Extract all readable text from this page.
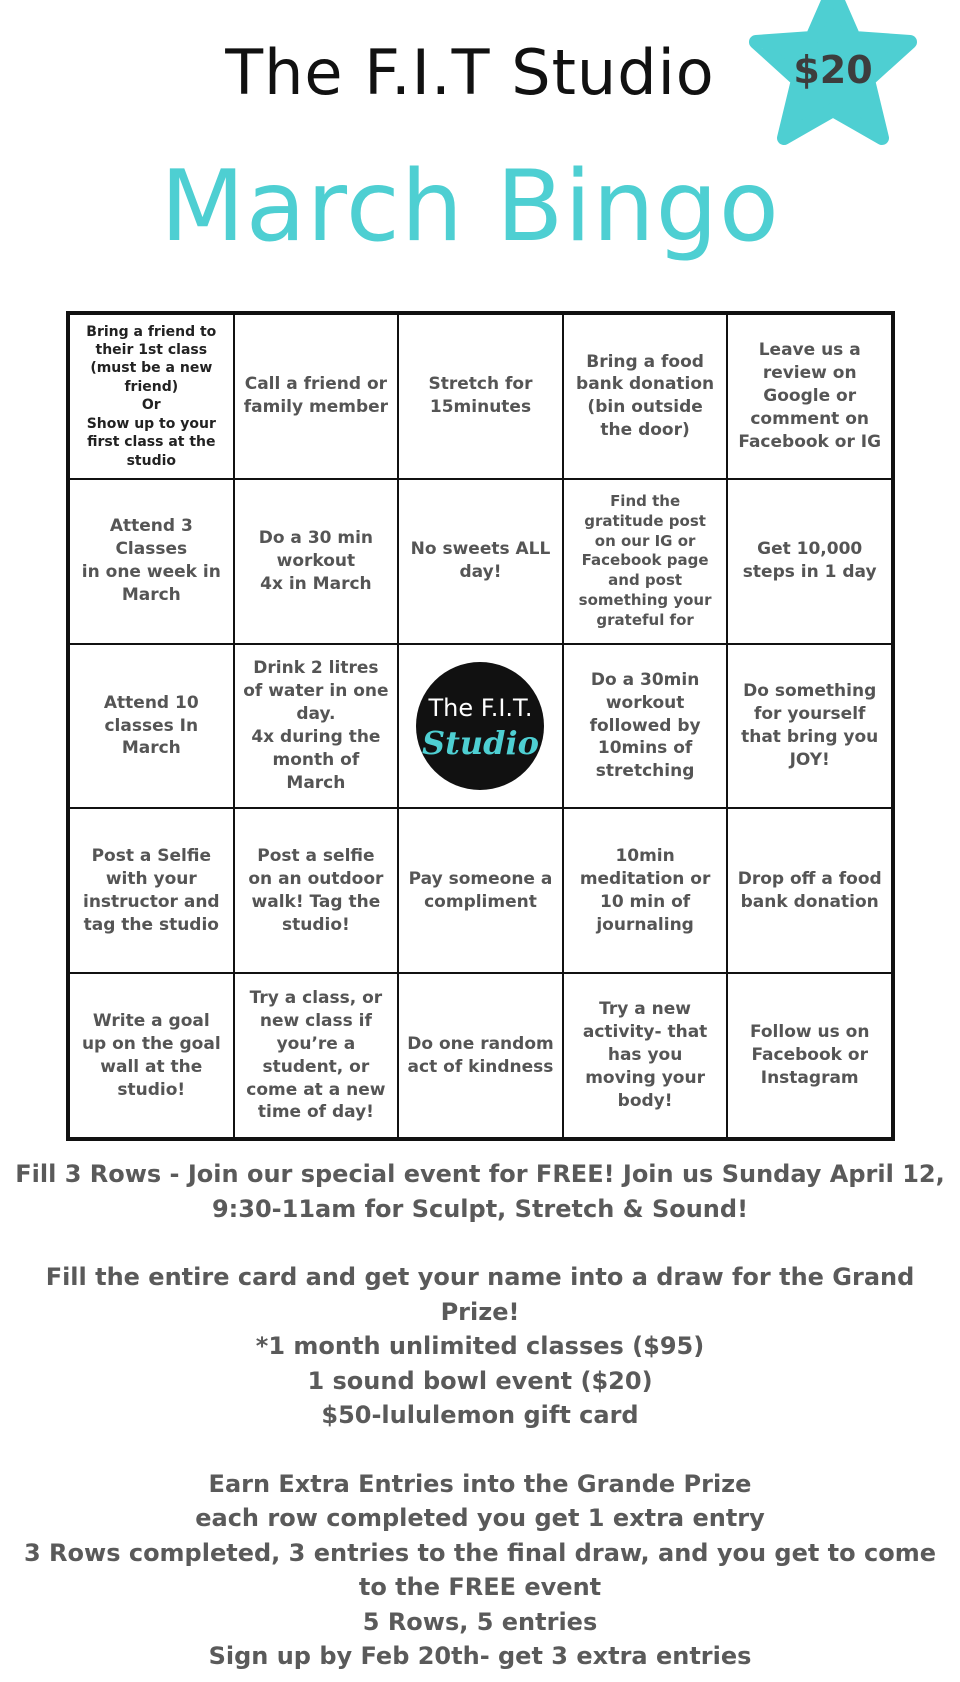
The F.I.T Studio	$20
March Bingo
Bring a friend to their 1st class (must be a new friend)
Or
Show up to your first class at the studio
Call a friend or family member
Stretch for 15minutes
Bring a food bank donation (bin outside the door)
Leave us a review on Google or comment on Facebook or IG
Attend 3 Classes
in one week in March
Do a 30 min workout
4x in March
No sweets ALL day!
Find the gratitude post on our IG or Facebook page and post something your grateful for
Get 10,000 steps in 1 day
Attend 10 classes In March
Drink 2 litres of water in one day.
4x during the month of March

The F.I.T.

Studio

Do a 30min workout followed by 10mins of stretching
Do something for yourself that bring you JOY!
Post a Selfie with your instructor and tag the studio
Post a selfie on an outdoor walk! Tag the studio!
Pay someone a compliment
10min meditation or 10 min of journaling
Drop off a food bank donation
Write a goal up on the goal wall at the studio!
Try a class, or new class if you’re a student, or come at a new time of day!
Do one random act of kindness
Try a new activity- that has you moving your body!
Follow us on Facebook or Instagram

Fill 3 Rows - Join our special event for FREE! Join us Sunday April 12,

9:30-11am for Sculpt, Stretch & Sound!

Fill the entire card and get your name into a draw for the Grand

Prize!

*1 month unlimited classes ($95)

1 sound bowl event ($20)

$50-lululemon gift card

Earn Extra Entries into the Grande Prize

each row completed you get 1 extra entry

3 Rows completed, 3 entries to the final draw, and you get to come

to the FREE event

5 Rows, 5 entries

Sign up by Feb 20th- get 3 extra entries
